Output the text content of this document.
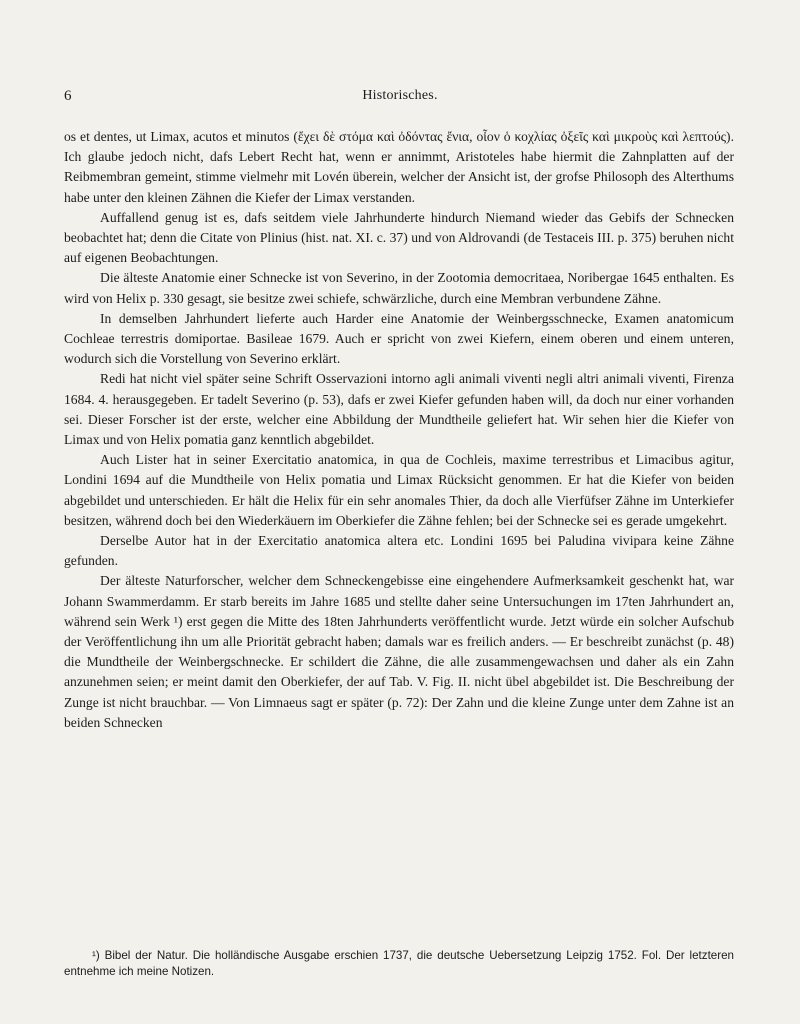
6	Historisches.

os et dentes, ut Limax, acutos et minutos (ἔχει δὲ στόμα καὶ ὀδόντας ἔνια, οἷον ὁ κοχλίας ὀξεῖς καὶ μικροὺς καὶ λεπτούς). Ich glaube jedoch nicht, dafs Lebert Recht hat, wenn er annimmt, Aristoteles habe hiermit die Zahnplatten auf der Reibmembran gemeint, stimme vielmehr mit Lovén überein, welcher der Ansicht ist, der grofse Philosoph des Alterthums habe unter den kleinen Zähnen die Kiefer der Limax verstanden.

Auffallend genug ist es, dafs seitdem viele Jahrhunderte hindurch Niemand wieder das Gebifs der Schnecken beobachtet hat; denn die Citate von Plinius (hist. nat. XI. c. 37) und von Aldrovandi (de Testaceis III. p. 375) beruhen nicht auf eigenen Beobachtungen.

Die älteste Anatomie einer Schnecke ist von Severino, in der Zootomia democritaea, Noribergae 1645 enthalten. Es wird von Helix p. 330 gesagt, sie besitze zwei schiefe, schwärzliche, durch eine Membran verbundene Zähne.

In demselben Jahrhundert lieferte auch Harder eine Anatomie der Weinbergsschnecke, Examen anatomicum Cochleae terrestris domiportae. Basileae 1679. Auch er spricht von zwei Kiefern, einem oberen und einem unteren, wodurch sich die Vorstellung von Severino erklärt.

Redi hat nicht viel später seine Schrift Osservazioni intorno agli animali viventi negli altri animali viventi, Firenza 1684. 4. herausgegeben. Er tadelt Severino (p. 53), dafs er zwei Kiefer gefunden haben will, da doch nur einer vorhanden sei. Dieser Forscher ist der erste, welcher eine Abbildung der Mundtheile geliefert hat. Wir sehen hier die Kiefer von Limax und von Helix pomatia ganz kenntlich abgebildet.

Auch Lister hat in seiner Exercitatio anatomica, in qua de Cochleis, maxime terrestribus et Limacibus agitur, Londini 1694 auf die Mundtheile von Helix pomatia und Limax Rücksicht genommen. Er hat die Kiefer von beiden abgebildet und unterschieden. Er hält die Helix für ein sehr anomales Thier, da doch alle Vierfüfser Zähne im Unterkiefer besitzen, während doch bei den Wiederkäuern im Oberkiefer die Zähne fehlen; bei der Schnecke sei es gerade umgekehrt.

Derselbe Autor hat in der Exercitatio anatomica altera etc. Londini 1695 bei Paludina vivipara keine Zähne gefunden.

Der älteste Naturforscher, welcher dem Schneckengebisse eine eingehendere Aufmerksamkeit geschenkt hat, war Johann Swammerdamm. Er starb bereits im Jahre 1685 und stellte daher seine Untersuchungen im 17ten Jahrhundert an, während sein Werk ¹) erst gegen die Mitte des 18ten Jahrhunderts veröffentlicht wurde. Jetzt würde ein solcher Aufschub der Veröffentlichung ihn um alle Priorität gebracht haben; damals war es freilich anders. — Er beschreibt zunächst (p. 48) die Mundtheile der Weinbergschnecke. Er schildert die Zähne, die alle zusammengewachsen und daher als ein Zahn anzunehmen seien; er meint damit den Oberkiefer, der auf Tab. V. Fig. II. nicht übel abgebildet ist. Die Beschreibung der Zunge ist nicht brauchbar. — Von Limnaeus sagt er später (p. 72): Der Zahn und die kleine Zunge unter dem Zahne ist an beiden Schnecken

¹) Bibel der Natur. Die holländische Ausgabe erschien 1737, die deutsche Uebersetzung Leipzig 1752. Fol. Der letzteren entnehme ich meine Notizen.
